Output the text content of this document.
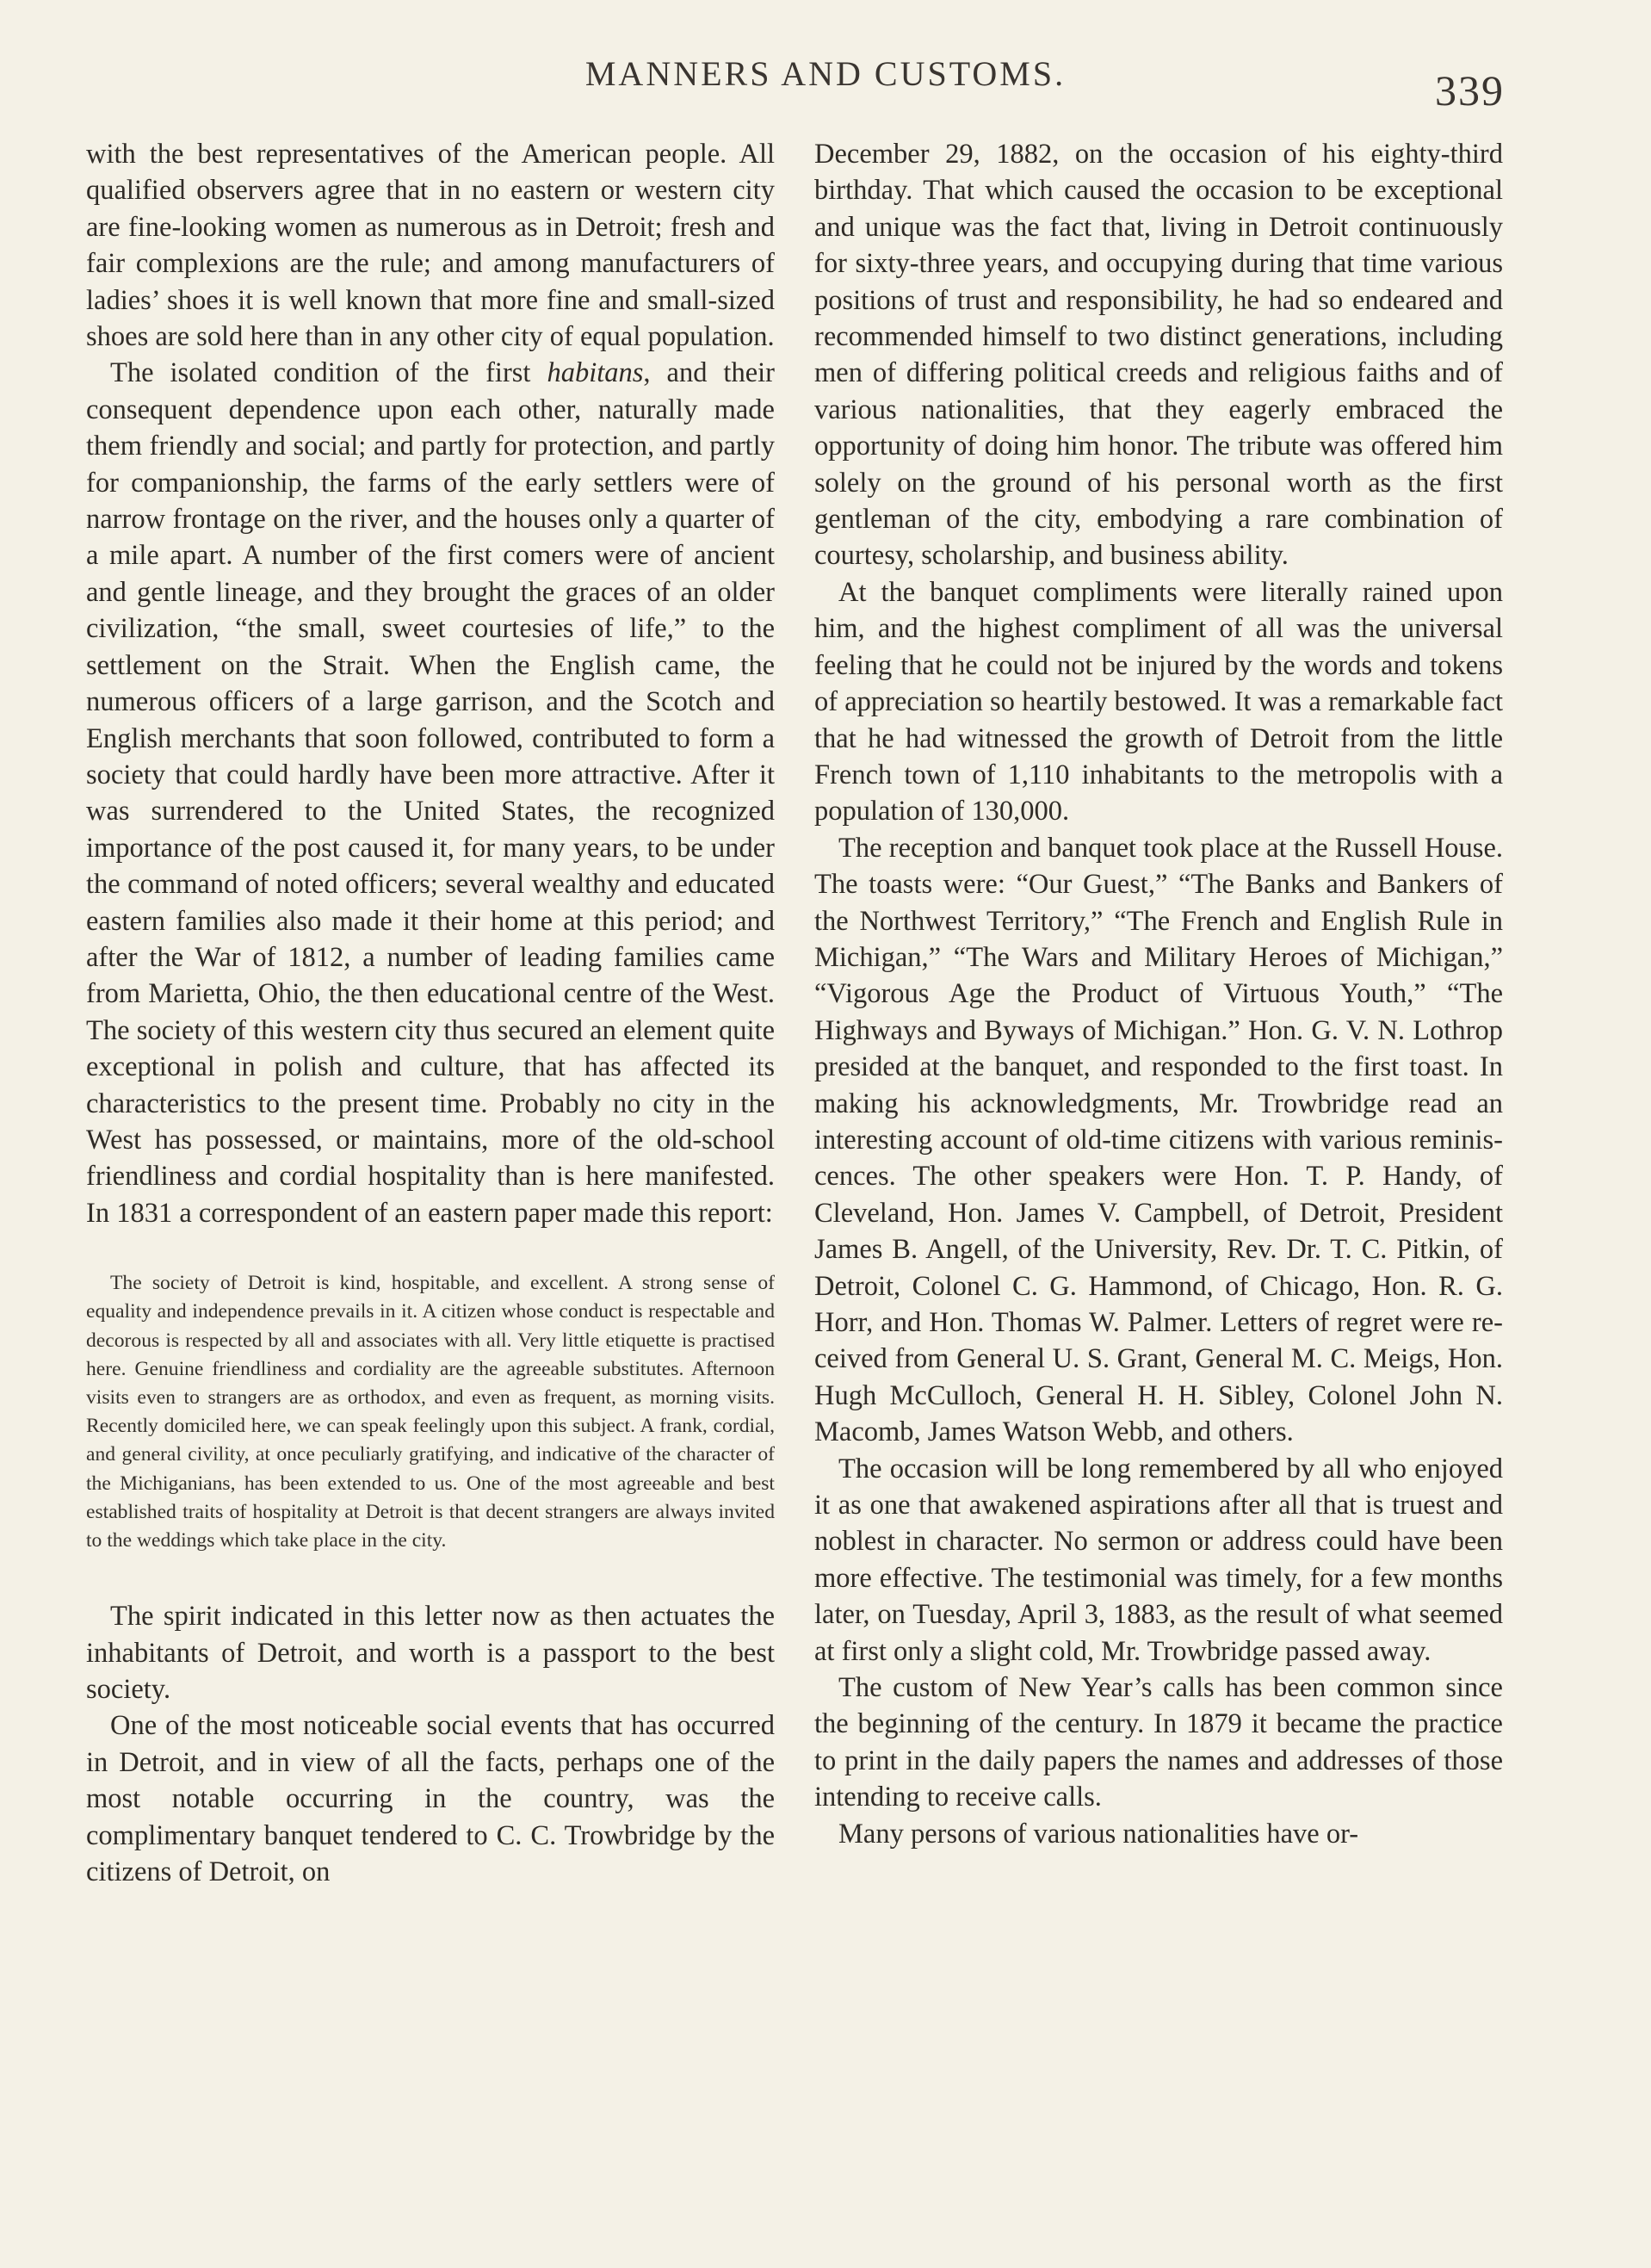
MANNERS AND CUSTOMS.	339

with the best representatives of the American people. All qualified observers agree that in no eastern or western city are fine-looking women as numerous as in Detroit; fresh and fair complexions are the rule; and among manufacturers of ladies’ shoes it is well known that more fine and small-sized shoes are sold here than in any other city of equal population.

The isolated condition of the first habitans, and their consequent dependence upon each other, naturally made them friendly and social; and partly for protection, and partly for companionship, the farms of the early settlers were of narrow frontage on the river, and the houses only a quarter of a mile apart. A number of the first comers were of ancient and gentle lineage, and they brought the graces of an older civilization, “the small, sweet courtesies of life,” to the settlement on the Strait. When the English came, the numerous officers of a large garrison, and the Scotch and English merchants that soon followed, contributed to form a society that could hardly have been more attractive. After it was surrendered to the United States, the recognized importance of the post caused it, for many years, to be under the command of noted officers; several wealthy and educated eastern families also made it their home at this period; and after the War of 1812, a number of leading families came from Marietta, Ohio, the then educational centre of the West. The society of this western city thus secured an element quite exceptional in polish and culture, that has affected its characteristics to the present time. Probably no city in the West has possessed, or maintains, more of the old-school friendliness and cordial hospitality than is here manifested. In 1831 a correspondent of an eastern paper made this report:

The society of Detroit is kind, hospitable, and excellent. A strong sense of equality and independence prevails in it. A citizen whose conduct is respectable and decorous is respected by all and associates with all. Very little etiquette is practised here. Genuine friendliness and cordiality are the agreeable substitutes. Afternoon visits even to strangers are as orthodox, and even as frequent, as morning visits. Recently domiciled here, we can speak feelingly upon this subject. A frank, cordial, and general civility, at once peculiarly gratifying, and indicative of the character of the Michiganians, has been extended to us. One of the most agreeable and best established traits of hospitality at Detroit is that decent strangers are always invited to the weddings which take place in the city.

The spirit indicated in this letter now as then actuates the inhabitants of Detroit, and worth is a passport to the best society.

One of the most noticeable social events that has occurred in Detroit, and in view of all the facts, perhaps one of the most notable occurring in the country, was the complimentary banquet tendered to C. C. Trowbridge by the citizens of Detroit, on

December 29, 1882, on the occasion of his eighty-third birthday. That which caused the occasion to be exceptional and unique was the fact that, living in Detroit continuously for sixty-three years, and occupying during that time various positions of trust and responsibility, he had so endeared and recommended himself to two distinct generations, including men of differing political creeds and religious faiths and of various nationalities, that they eagerly embraced the opportunity of doing him honor. The tribute was offered him solely on the ground of his personal worth as the first gentleman of the city, embodying a rare combination of courtesy, scholarship, and business ability.

At the banquet compliments were literally rained upon him, and the highest compliment of all was the universal feeling that he could not be injured by the words and tokens of appreciation so heartily bestowed. It was a remarkable fact that he had witnessed the growth of Detroit from the little French town of 1,110 inhabitants to the metropolis with a population of 130,000.

The reception and banquet took place at the Russell House. The toasts were: “Our Guest,” “The Banks and Bankers of the Northwest Territory,” “The French and English Rule in Michigan,” “The Wars and Military Heroes of Michigan,” “Vigorous Age the Product of Virtuous Youth,” “The Highways and Byways of Michigan.” Hon. G. V. N. Lothrop presided at the banquet, and responded to the first toast. In making his acknowledgments, Mr. Trowbridge read an interesting account of old-time citizens with various reminiscences. The other speakers were Hon. T. P. Handy, of Cleveland, Hon. James V. Campbell, of Detroit, President James B. Angell, of the University, Rev. Dr. T. C. Pitkin, of Detroit, Colonel C. G. Hammond, of Chicago, Hon. R. G. Horr, and Hon. Thomas W. Palmer. Letters of regret were received from General U. S. Grant, General M. C. Meigs, Hon. Hugh McCulloch, General H. H. Sibley, Colonel John N. Macomb, James Watson Webb, and others.

The occasion will be long remembered by all who enjoyed it as one that awakened aspirations after all that is truest and noblest in character. No sermon or address could have been more effective. The testimonial was timely, for a few months later, on Tuesday, April 3, 1883, as the result of what seemed at first only a slight cold, Mr. Trowbridge passed away.

The custom of New Year’s calls has been common since the beginning of the century. In 1879 it became the practice to print in the daily papers the names and addresses of those intending to receive calls.

Many persons of various nationalities have or-
